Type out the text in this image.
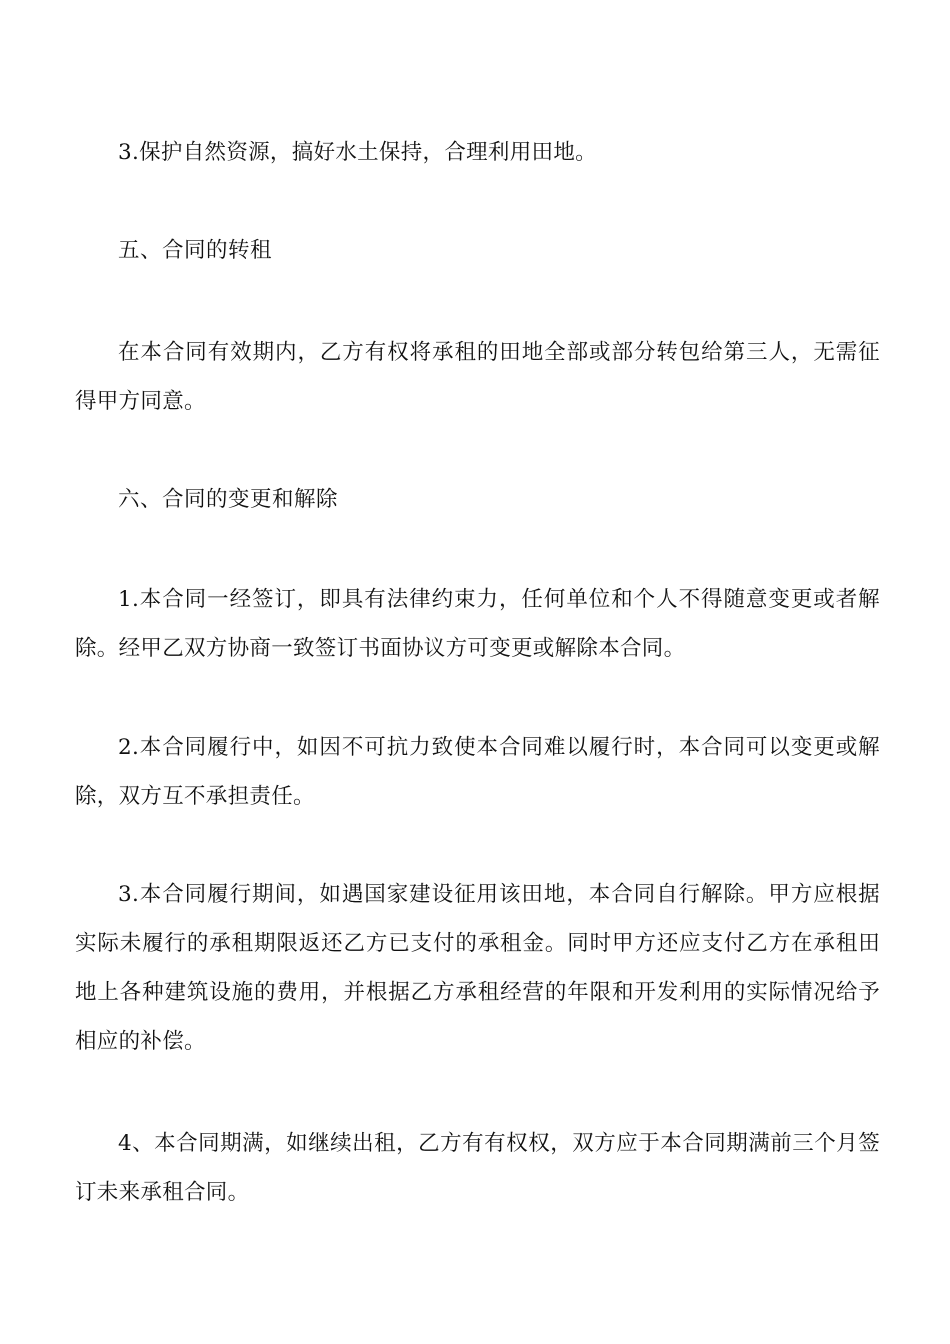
3.保护自然资源，搞好水土保持，合理利用田地。

五、合同的转租

在本合同有效期内，乙方有权将承租的田地全部或部分转包给第三人，无需征得甲方同意。

六、合同的变更和解除

1.本合同一经签订，即具有法律约束力，任何单位和个人不得随意变更或者解除。经甲乙双方协商一致签订书面协议方可变更或解除本合同。

2.本合同履行中，如因不可抗力致使本合同难以履行时，本合同可以变更或解除，双方互不承担责任。

3.本合同履行期间，如遇国家建设征用该田地，本合同自行解除。甲方应根据实际未履行的承租期限返还乙方已支付的承租金。同时甲方还应支付乙方在承租田地上各种建筑设施的费用，并根据乙方承租经营的年限和开发利用的实际情况给予相应的补偿。

4、本合同期满，如继续出租，乙方有有权权，双方应于本合同期满前三个月签订未来承租合同。
